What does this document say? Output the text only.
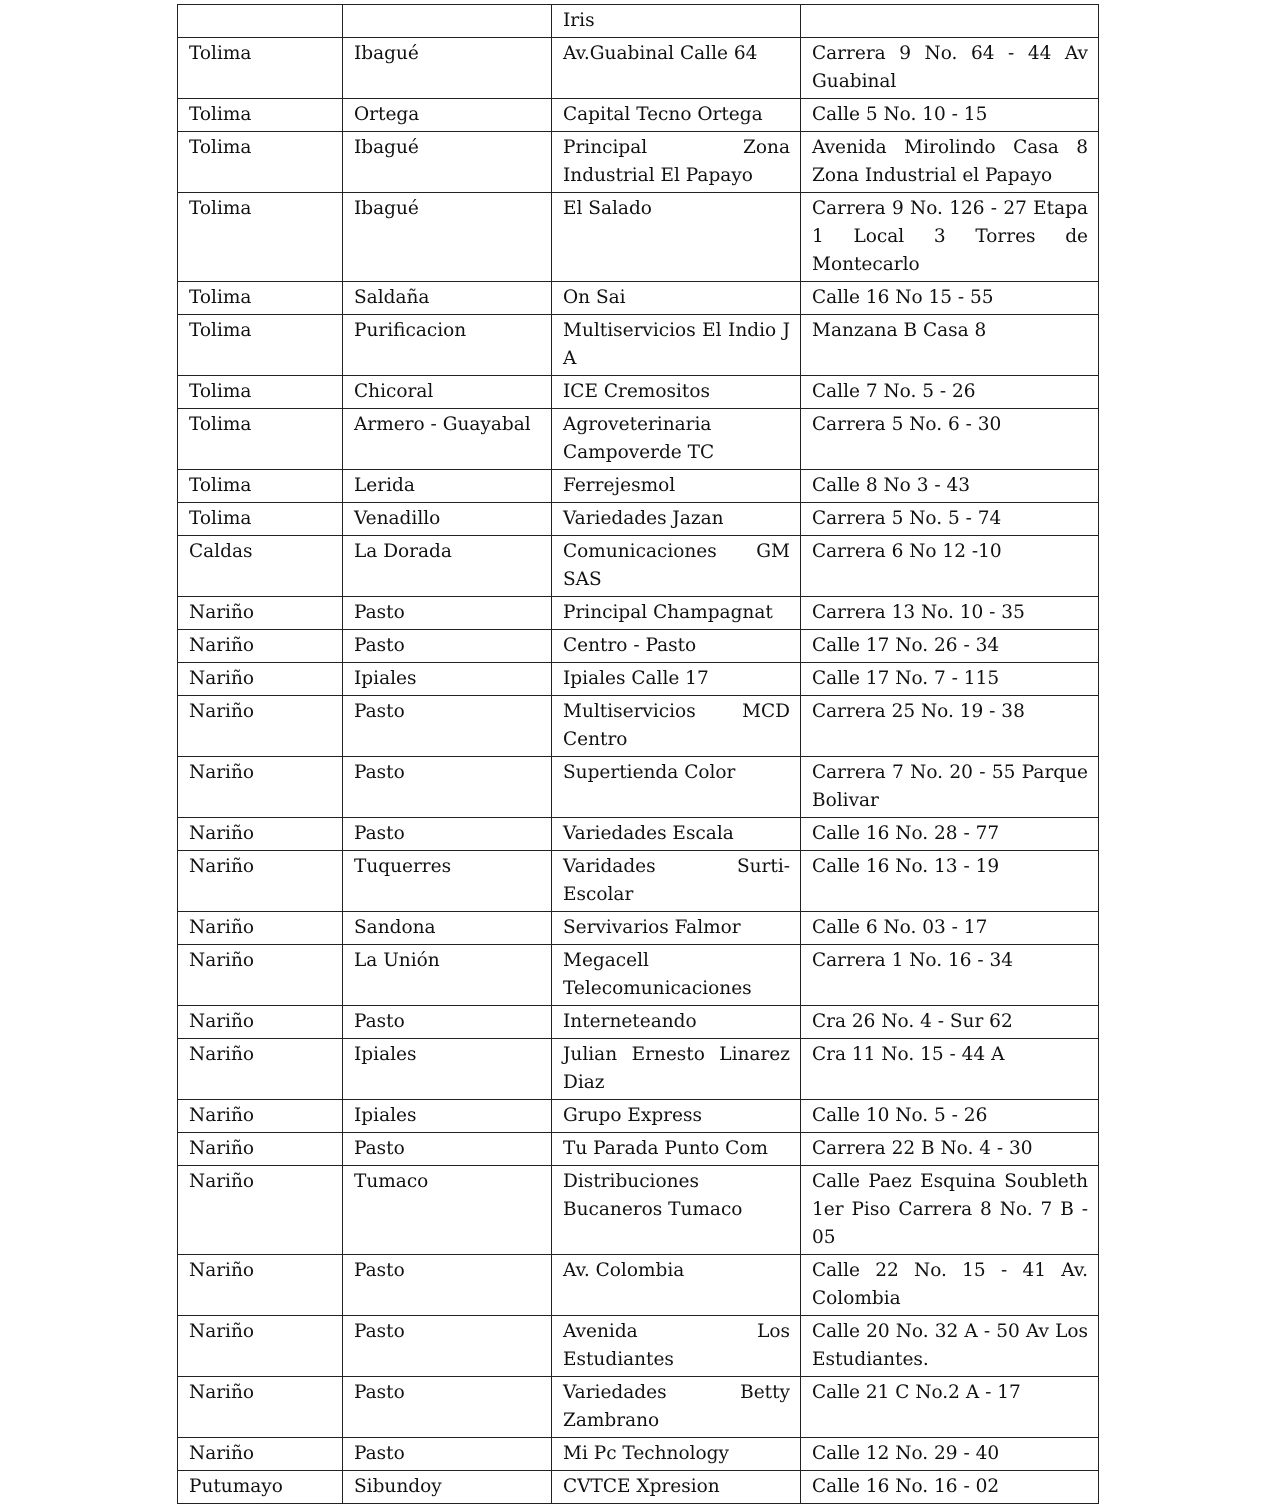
		Iris	
Tolima	Ibagué	Av.Guabinal Calle 64	Carrera 9 No. 64 - 44 Av Guabinal
Tolima	Ortega	Capital Tecno Ortega	Calle 5 No. 10 - 15
Tolima	Ibagué	Principal Zona Industrial El Papayo	Avenida Mirolindo Casa 8 Zona Industrial el Papayo
Tolima	Ibagué	El Salado	Carrera 9 No. 126 - 27 Etapa 1 Local 3 Torres de Montecarlo
Tolima	Saldaña	On Sai	Calle 16 No 15 - 55
Tolima	Purificacion	Multiservicios El Indio J A	Manzana B Casa 8
Tolima	Chicoral	ICE Cremositos	Calle 7 No. 5 - 26
Tolima	Armero - Guayabal	Agroveterinaria Campoverde TC	Carrera 5 No. 6 - 30
Tolima	Lerida	Ferrejesmol	Calle 8 No 3 - 43
Tolima	Venadillo	Variedades Jazan	Carrera 5 No. 5 - 74
Caldas	La Dorada	Comunicaciones GM SAS	Carrera 6 No 12 -10
Nariño	Pasto	Principal Champagnat	Carrera 13 No. 10 - 35
Nariño	Pasto	Centro - Pasto	Calle 17 No. 26 - 34
Nariño	Ipiales	Ipiales Calle 17	Calle 17 No. 7 - 115
Nariño	Pasto	Multiservicios MCD Centro	Carrera 25 No. 19 - 38
Nariño	Pasto	Supertienda Color	Carrera 7 No. 20 - 55 Parque Bolivar
Nariño	Pasto	Variedades Escala	Calle 16 No. 28 - 77
Nariño	Tuquerres	Varidades Surti- Escolar	Calle 16 No. 13 - 19
Nariño	Sandona	Servivarios Falmor	Calle 6 No. 03 - 17
Nariño	La Unión	Megacell Telecomunicaciones	Carrera 1 No. 16 - 34
Nariño	Pasto	Interneteando	Cra 26 No. 4 - Sur 62
Nariño	Ipiales	Julian Ernesto Linarez Diaz	Cra 11 No. 15 - 44 A
Nariño	Ipiales	Grupo Express	Calle 10 No. 5 - 26
Nariño	Pasto	Tu Parada Punto Com	Carrera 22 B No. 4 - 30
Nariño	Tumaco	Distribuciones Bucaneros Tumaco	Calle Paez Esquina Soubleth 1er Piso Carrera 8 No. 7 B - 05
Nariño	Pasto	Av. Colombia	Calle 22 No. 15 - 41 Av. Colombia
Nariño	Pasto	Avenida Los Estudiantes	Calle 20 No. 32 A - 50 Av Los Estudiantes.
Nariño	Pasto	Variedades Betty Zambrano	Calle 21 C No.2 A - 17
Nariño	Pasto	Mi Pc Technology	Calle 12 No. 29 - 40
Putumayo	Sibundoy	CVTCE Xpresion	Calle 16 No. 16 - 02
